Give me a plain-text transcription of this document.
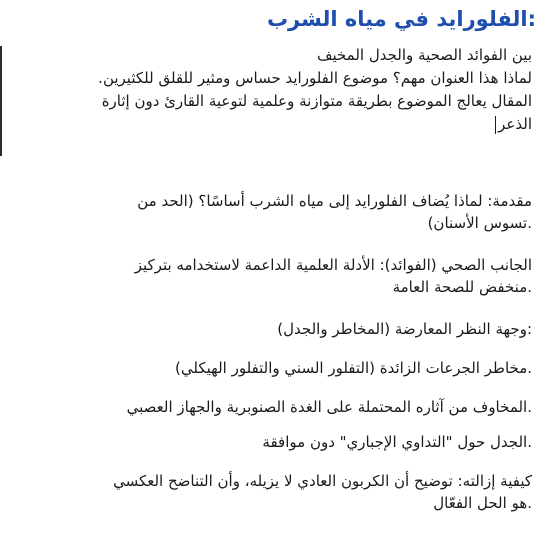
:الفلورايد في مياه الشرب

بين الفوائد الصحية والجدل المخيف

لماذا هذا العنوان مهم؟ موضوع الفلورايد حساس ومثير للقلق للكثيرين.

المقال يعالج الموضوع بطريقة متوازنة وعلمية لتوعية القارئ دون إثارة

الذعر

مقدمة: لماذا يُضاف الفلورايد إلى مياه الشرب أساسًا؟ (الحد من
.تسوس الأسنان)

الجانب الصحي (الفوائد): الأدلة العلمية الداعمة لاستخدامه بتركيز
.منخفض للصحة العامة

:وجهة النظر المعارضة (المخاطر والجدل)

.مخاطر الجرعات الزائدة (التفلور السني والتفلور الهيكلي)

.المخاوف من آثاره المحتملة على الغدة الصنوبرية والجهاز العصبي

.الجدل حول "التداوي الإجباري" دون موافقة

كيفية إزالته: توضيح أن الكربون العادي لا يزيله، وأن التناضح العكسي
.هو الحل الفعّال
